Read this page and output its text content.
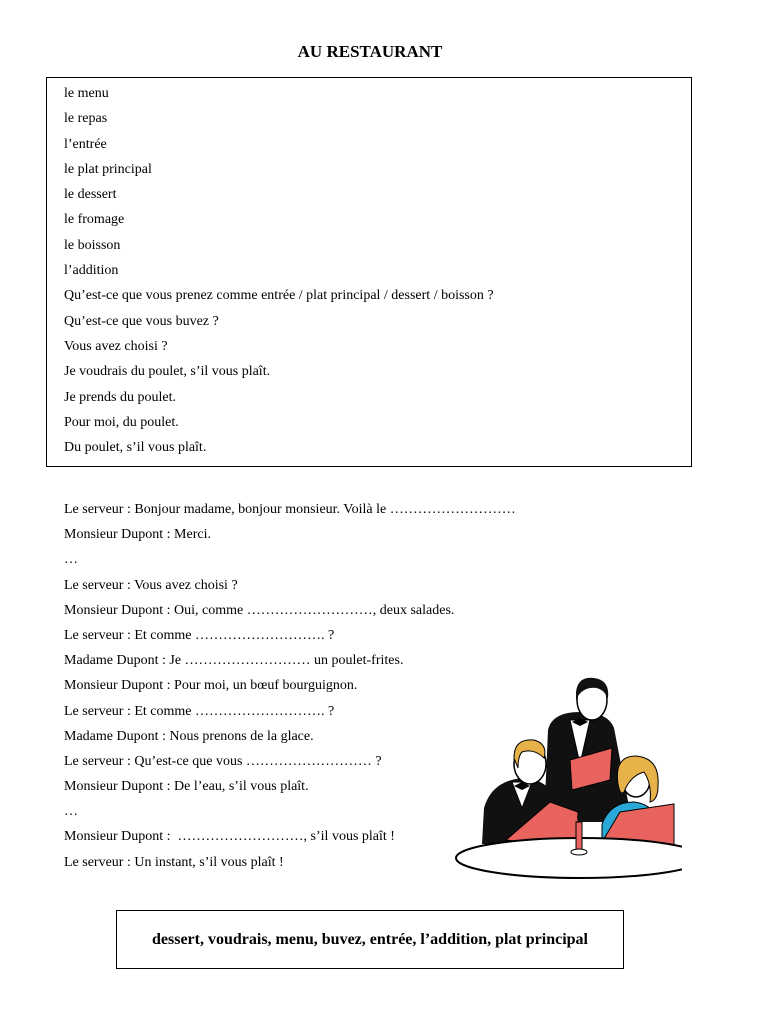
AU RESTAURANT
le menu
le repas
l’entrée
le plat principal
le dessert
le fromage
le boisson
l’addition
Qu’est-ce que vous prenez comme entrée / plat principal / dessert / boisson ?
Qu’est-ce que vous buvez ?
Vous avez choisi ?
Je voudrais du poulet, s’il vous plaît.
Je prends du poulet.
Pour moi, du poulet.
Du poulet, s’il vous plaît.
Le serveur : Bonjour madame, bonjour monsieur. Voilà le ………………………
Monsieur Dupont : Merci.
…
Le serveur : Vous avez choisi ?
Monsieur Dupont : Oui, comme ………………………, deux salades.
Le serveur : Et comme ………………………. ?
Madame Dupont : Je ……………………… un poulet-frites.
Monsieur Dupont : Pour moi, un bœuf bourguignon.
Le serveur : Et comme ………………………. ?
Madame Dupont : Nous prenons de la glace.
Le serveur : Qu’est-ce que vous ……………………… ?
Monsieur Dupont : De l’eau, s’il vous plaît.
…
Monsieur Dupont :  ………………………, s’il vous plaît !
Le serveur : Un instant, s’il vous plaît !
dessert, voudrais, menu, buvez, entrée, l’addition, plat principal
